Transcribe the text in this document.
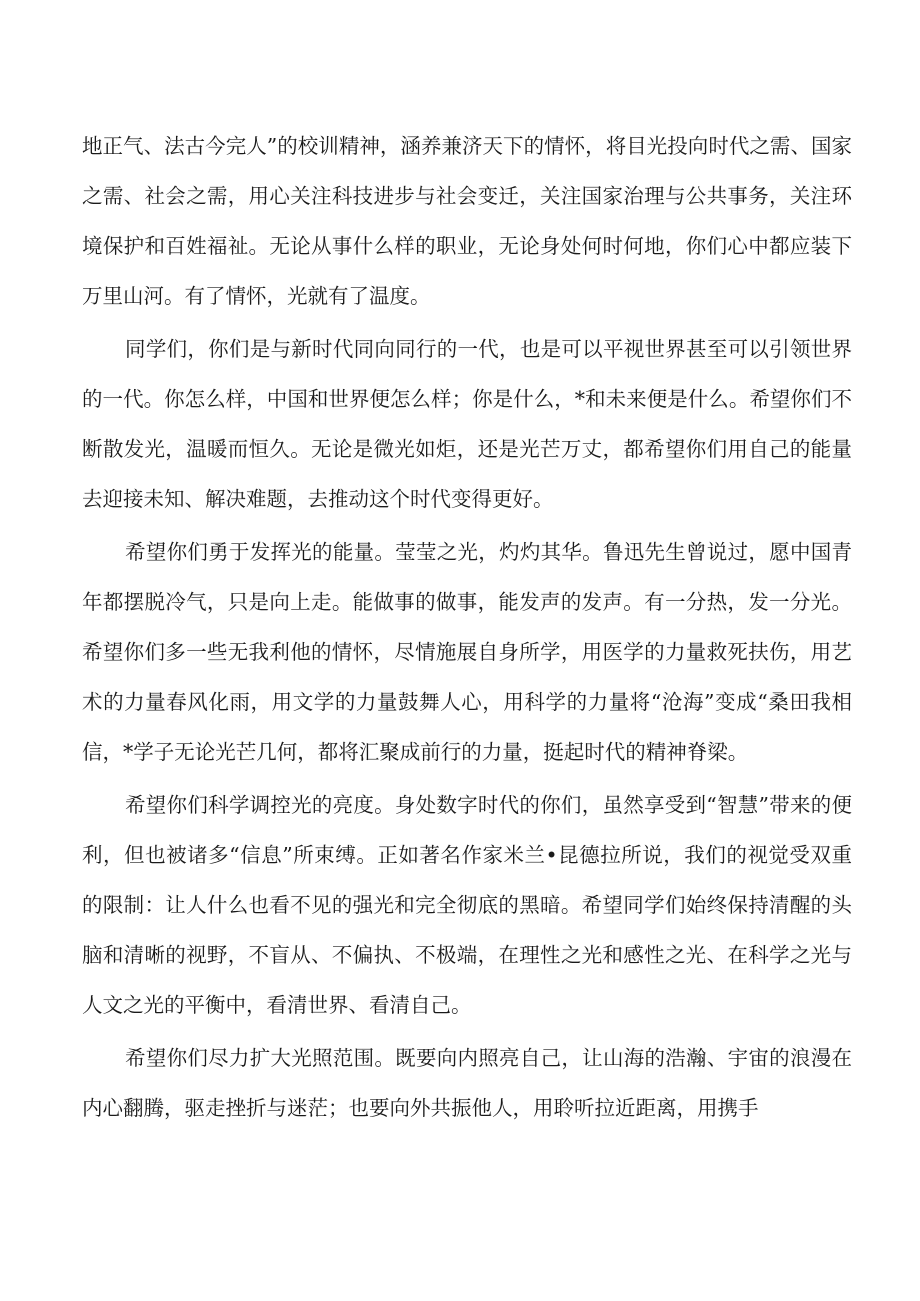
地正气、法古今完人”的校训精神，涵养兼济天下的情怀，将目光投向时代之需、国家之需、社会之需，用心关注科技进步与社会变迁，关注国家治理与公共事务，关注环境保护和百姓福祉。无论从事什么样的职业，无论身处何时何地，你们心中都应装下万里山河。有了情怀，光就有了温度。

同学们，你们是与新时代同向同行的一代，也是可以平视世界甚至可以引领世界的一代。你怎么样，中国和世界便怎么样；你是什么，*和未来便是什么。希望你们不断散发光，温暖而恒久。无论是微光如炬，还是光芒万丈，都希望你们用自己的能量去迎接未知、解决难题，去推动这个时代变得更好。

希望你们勇于发挥光的能量。莹莹之光，灼灼其华。鲁迅先生曾说过，愿中国青年都摆脱冷气，只是向上走。能做事的做事，能发声的发声。有一分热，发一分光。希望你们多一些无我利他的情怀，尽情施展自身所学，用医学的力量救死扶伤，用艺术的力量春风化雨，用文学的力量鼓舞人心，用科学的力量将“沧海”变成“桑田我相信，*学子无论光芒几何，都将汇聚成前行的力量，挺起时代的精神脊梁。

希望你们科学调控光的亮度。身处数字时代的你们，虽然享受到“智慧”带来的便利，但也被诸多“信息”所束缚。正如著名作家米兰•昆德拉所说，我们的视觉受双重的限制：让人什么也看不见的强光和完全彻底的黑暗。希望同学们始终保持清醒的头脑和清晰的视野，不盲从、不偏执、不极端，在理性之光和感性之光、在科学之光与人文之光的平衡中，看清世界、看清自己。

希望你们尽力扩大光照范围。既要向内照亮自己，让山海的浩瀚、宇宙的浪漫在内心翻腾，驱走挫折与迷茫；也要向外共振他人，用聆听拉近距离，用携手
